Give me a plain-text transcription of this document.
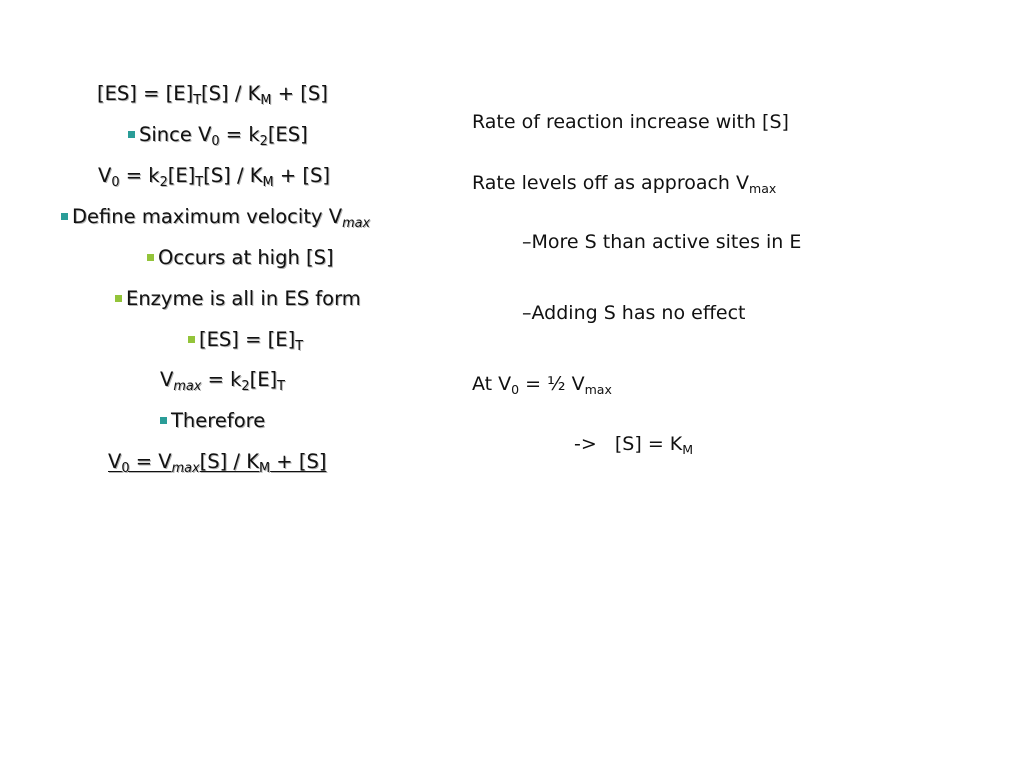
$[ES] = [E]_T[S] / K_M + [S]$
Since $V_0 = k_2[ES]$
$V_0 = k_2[E]_T[S] / K_M + [S]$
Define maximum velocity $V_{max}$
Occurs at high [S]
Enzyme is all in ES form
$[ES] = [E]_T$
$V_{max} = k_2[E]_T$
Therefore
$V_0 = V_{max}[S] / K_M + [S]$
Rate of reaction increase with [S]
Rate levels off as approach $V_{max}$
–More S than active sites in E
–Adding S has no effect
At $V_0$ = ½ $V_{max}$
->   $[S] = K_M$
